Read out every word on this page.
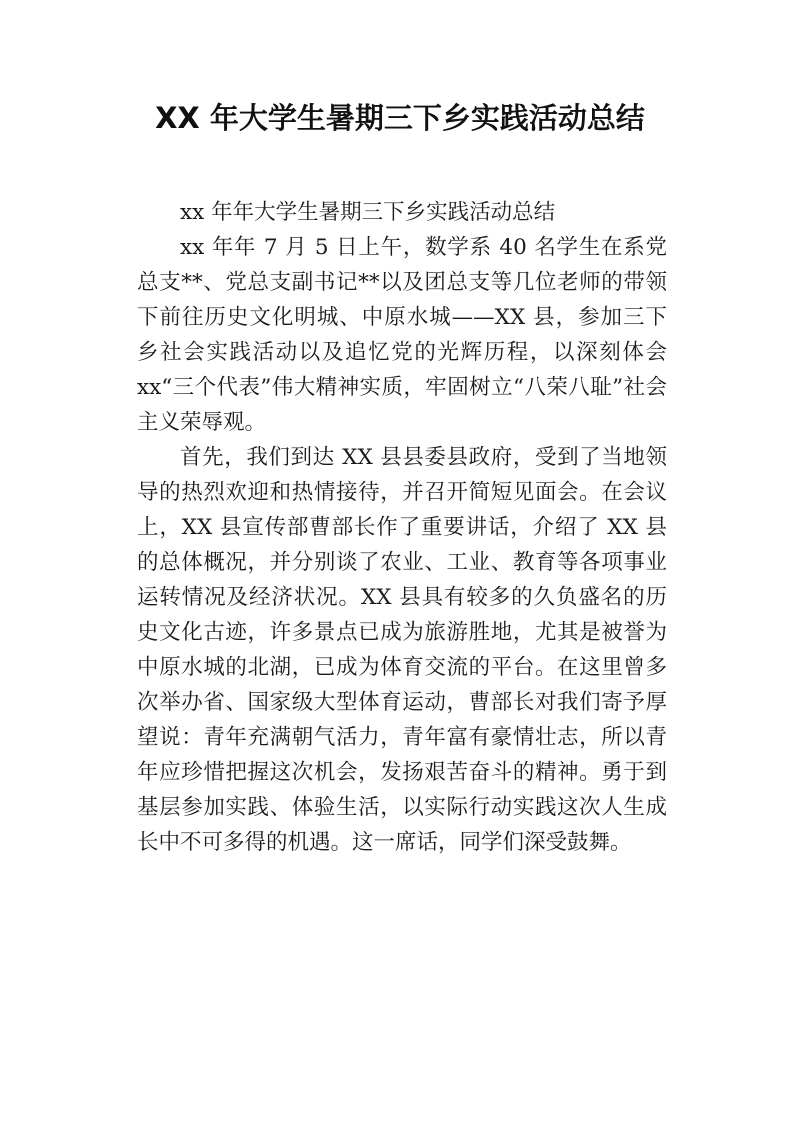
XX 年大学生暑期三下乡实践活动总结

xx 年年大学生暑期三下乡实践活动总结

xx 年年 7 月 5 日上午，数学系 40 名学生在系党总支**、党总支副书记**以及团总支等几位老师的带领下前往历史文化明城、中原水城——XX 县，参加三下乡社会实践活动以及追忆党的光辉历程，以深刻体会 xx“三个代表”伟大精神实质，牢固树立“八荣八耻”社会主义荣辱观。

首先，我们到达 XX 县县委县政府，受到了当地领导的热烈欢迎和热情接待，并召开简短见面会。在会议上，XX 县宣传部曹部长作了重要讲话，介绍了 XX 县的总体概况，并分别谈了农业、工业、教育等各项事业运转情况及经济状况。XX 县具有较多的久负盛名的历史文化古迹，许多景点已成为旅游胜地，尤其是被誉为中原水城的北湖，已成为体育交流的平台。在这里曾多次举办省、国家级大型体育运动，曹部长对我们寄予厚望说：青年充满朝气活力，青年富有豪情壮志，所以青年应珍惜把握这次机会，发扬艰苦奋斗的精神。勇于到基层参加实践、体验生活，以实际行动实践这次人生成长中不可多得的机遇。这一席话，同学们深受鼓舞。
